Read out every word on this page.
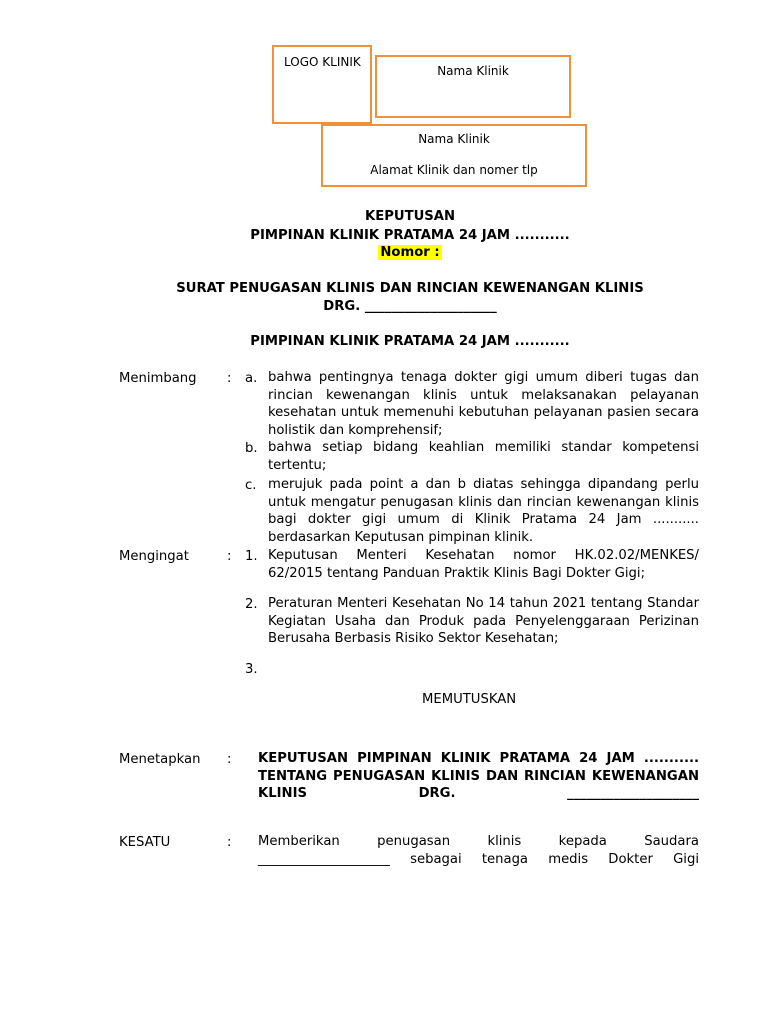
LOGO KLINIK
Nama Klinik
Nama Klinik
Alamat Klinik dan nomer tlp
KEPUTUSAN
PIMPINAN KLINIK PRATAMA 24 JAM ...........
Nomor :
SURAT PENUGASAN KLINIS DAN RINCIAN KEWENANGAN KLINIS
DRG. ____________________
PIMPINAN KLINIK PRATAMA 24 JAM ...........
Menimbang : a. bahwa pentingnya tenaga dokter gigi umum diberi tugas dan rincian kewenangan klinis untuk melaksanakan pelayanan kesehatan untuk memenuhi kebutuhan pelayanan pasien secara holistik dan komprehensif;
b. bahwa setiap bidang keahlian memiliki standar kompetensi tertentu;
c. merujuk pada point a dan b diatas sehingga dipandang perlu untuk mengatur penugasan klinis dan rincian kewenangan klinis bagi dokter gigi umum di Klinik Pratama 24 Jam ........... berdasarkan Keputusan pimpinan klinik.
Mengingat	: 1. Keputusan Menteri Kesehatan nomor HK.02.02/MENKES/ 62/2015 tentang Panduan Praktik Klinis Bagi Dokter Gigi;
2. Peraturan Menteri Kesehatan No 14 tahun 2021 tentang Standar Kegiatan Usaha dan Produk pada Penyelenggaraan Perizinan Berusaha Berbasis Risiko Sektor Kesehatan;
3.
MEMUTUSKAN
Menetapkan : KEPUTUSAN PIMPINAN KLINIK PRATAMA 24 JAM ........... TENTANG PENUGASAN KLINIS DAN RINCIAN KEWENANGAN KLINIS DRG. ____________________
KESATU	: Memberikan penugasan klinis kepada Saudara ____________________ sebagai tenaga medis Dokter Gigi
